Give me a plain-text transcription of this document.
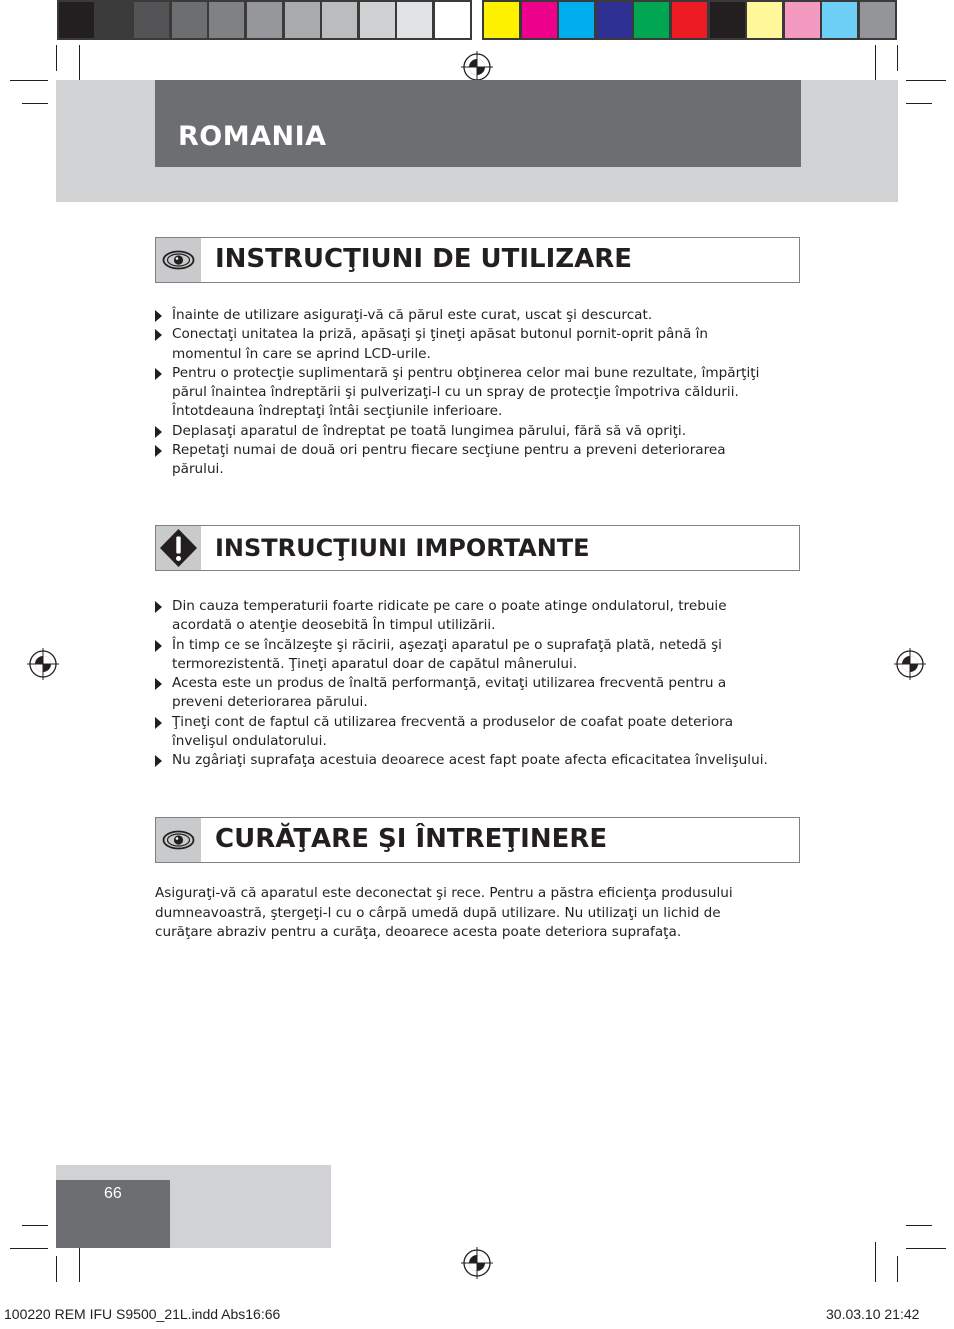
ROMANIA
INSTRUCŢIUNI DE UTILIZARE
Înainte de utilizare asiguraţi-vă că părul este curat, uscat şi descurcat.
Conectaţi unitatea la priză, apăsaţi şi ţineţi apăsat butonul pornit-oprit până în momentul în care se aprind LCD-urile.
Pentru o protecţie suplimentară şi pentru obţinerea celor mai bune rezultate, împărţiţi părul înaintea îndreptării şi pulverizaţi-l cu un spray de protecţie împotriva căldurii. Întotdeauna îndreptaţi întâi secţiunile inferioare.
Deplasaţi aparatul de îndreptat pe toată lungimea părului, fără să vă opriţi.
Repetaţi numai de două ori pentru fiecare secţiune pentru a preveni deteriorarea părului.
INSTRUCŢIUNI IMPORTANTE
Din cauza temperaturii foarte ridicate pe care o poate atinge ondulatorul, trebuie acordată o atenţie deosebită În timpul utilizării.
În timp ce se încălzeşte şi răcirii, aşezaţi aparatul pe o suprafaţă plată, netedă şi termorezistentă. Ţineţi aparatul doar de capătul mânerului.
Acesta este un produs de înaltă performanţă, evitaţi utilizarea frecventă pentru a preveni deteriorarea părului.
Ţineţi cont de faptul că utilizarea frecventă a produselor de coafat poate deteriora învelişul ondulatorului.
Nu zgâriaţi suprafaţa acestuia deoarece acest fapt poate afecta eficacitatea învelişului.
CURĂŢARE ŞI ÎNTREŢINERE
Asiguraţi-vă că aparatul este deconectat şi rece. Pentru a păstra eficienţa produsului dumneavoastră, ştergeţi-l cu o cârpă umedă după utilizare. Nu utilizaţi un lichid de curăţare abraziv pentru a curăţa, deoarece acesta poate deteriora suprafaţa.
66
100220 REM IFU S9500_21L.indd Abs16:66	30.03.10 21:42
